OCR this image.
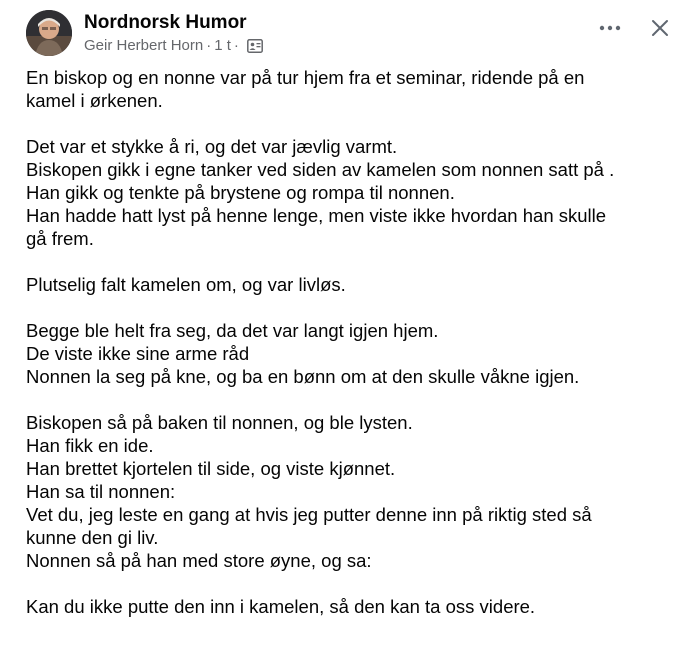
Nordnorsk Humor
Geir Herbert Horn · 1 t ·

En biskop og en nonne var på tur hjem fra et seminar, ridende på en

kamel i ørkenen.

Det var et stykke å ri, og det var jævlig varmt.

Biskopen gikk i egne tanker ved siden av kamelen som nonnen satt på .

Han gikk og tenkte på brystene og rompa til nonnen.

Han hadde hatt lyst på henne lenge, men viste ikke hvordan han skulle

gå frem.

Plutselig falt kamelen om, og var livløs.

Begge ble helt fra seg, da det var langt igjen hjem.

De viste ikke sine arme råd

Nonnen la seg på kne, og ba en bønn om at den skulle våkne igjen.

Biskopen så på baken til nonnen, og ble lysten.

Han fikk en ide.

Han brettet kjortelen til side, og viste kjønnet.

Han sa til nonnen:

Vet du, jeg leste en gang at hvis jeg putter denne inn på riktig sted så

kunne den gi liv.

Nonnen så på han med store øyne, og sa:

Kan du ikke putte den inn i kamelen, så den kan ta oss videre.
